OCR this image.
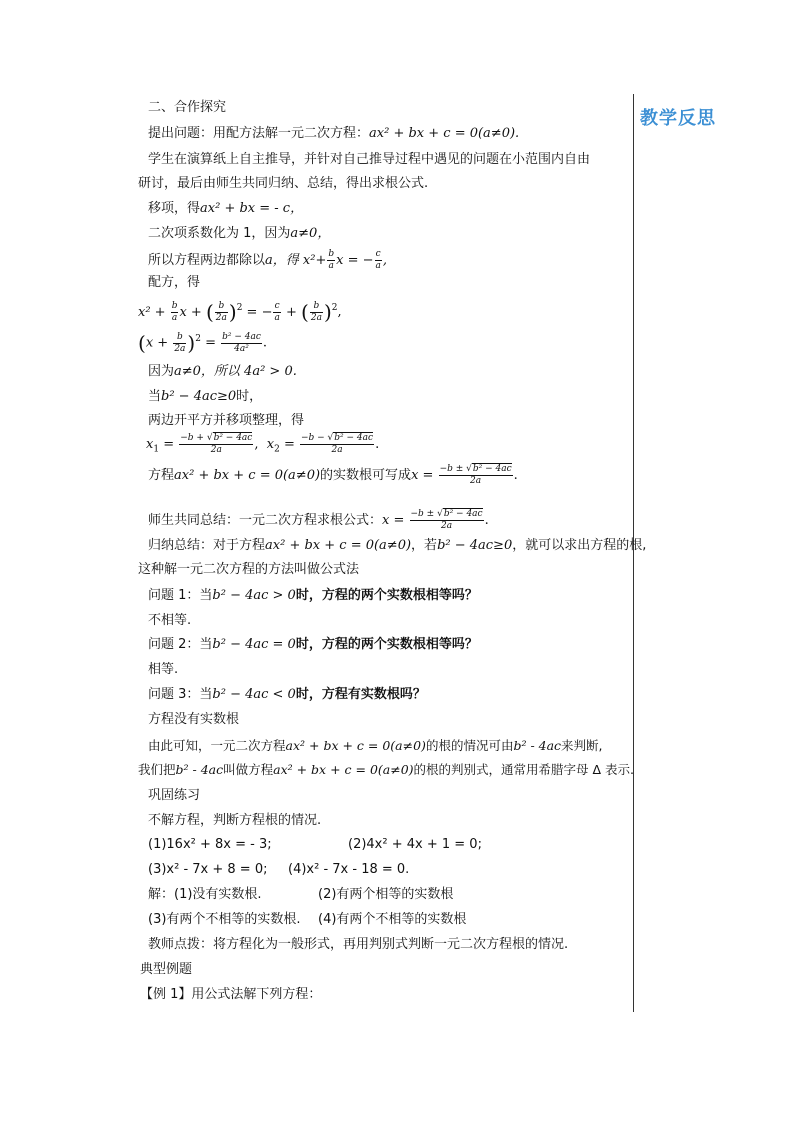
教学反思
二、合作探究
提出问题：用配方法解一元二次方程：ax² + bx + c = 0(a≠0).
学生在演算纸上自主推导，并针对自己推导过程中遇见的问题在小范围内自由
研讨，最后由师生共同归纳、总结，得出求根公式.
移项，得ax² + bx = - c，
二次项系数化为 1，因为a≠0，
所以方程两边都除以a，得 $x^2+ \frac{b}{a}$ x = − $\frac{c}{a}$ ,
配方，得
$x^2 + \frac{b}{a}$ x + ( $\frac{b}{2a} )^2$ = − $\frac{c}{a}$ + ( $\frac{b}{2a} )^2$,
$(x + \frac{b}{2a} )^2 = \frac{\text{b² − 4ac}}{\text{4a²}}$ .
因为a≠0，所以 4a² > 0.
当b² − 4ac≥0时，
两边开平方并移项整理，得
$x_1 = \frac{\text{−b + √b² − 4ac}}{2a}$ ,  $x_2 = \frac{\text{−b − √b² − 4ac}}{2a}$ .
方程ax² + bx + c = 0(a≠0)的实数根可写成$x = \frac{\text{−b ± √b² − 4ac}}{2a}$ .
师生共同总结：一元二次方程求根公式：$x = \frac{\text{−b ± √b² − 4ac}}{2a}$ .
归纳总结：对于方程ax² + bx + c = 0(a≠0)，若b² − 4ac≥0，就可以求出方程的根,
这种解一元二次方程的方法叫做公式法
问题 1：当b² − 4ac > 0时，方程的两个实数根相等吗？
不相等.
问题 2：当b² − 4ac = 0时，方程的两个实数根相等吗？
相等.
问题 3：当b² − 4ac < 0时，方程有实数根吗？
方程没有实数根
由此可知，一元二次方程ax² + bx + c = 0(a≠0)的根的情况可由b² - 4ac来判断,
我们把b² - 4ac叫做方程ax² + bx + c = 0(a≠0)的根的判别式，通常用希腊字母 Δ 表示.
巩固练习
不解方程，判断方程根的情况.
(1)16x² + 8x = - 3;	(2)4x² + 4x + 1 = 0;
(3)x² - 7x + 8 = 0; (4)x² - 7x - 18 = 0.
解：(1)没有实数根.	(2)有两个相等的实数根
(3)有两个不相等的实数根. (4)有两个不相等的实数根
教师点拨：将方程化为一般形式，再用判别式判断一元二次方程根的情况.
典型例题
【例 1】用公式法解下列方程：
